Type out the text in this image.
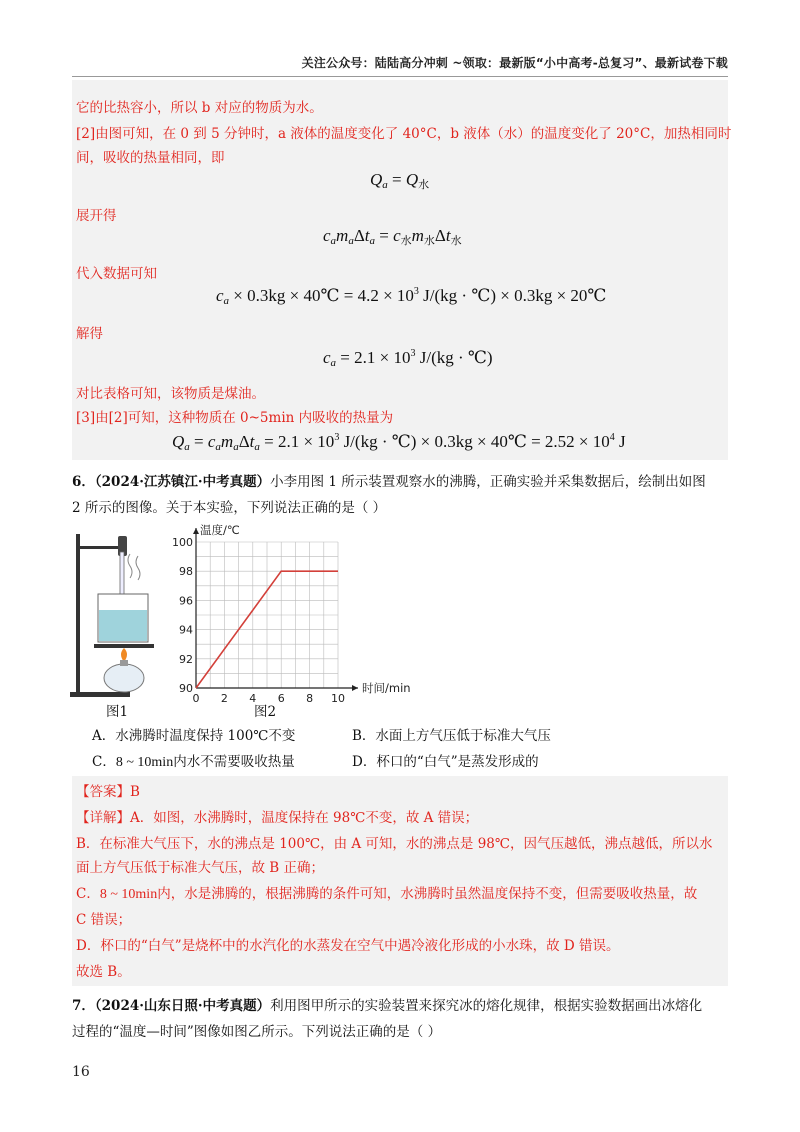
关注公众号：陆陆高分冲刺 ~领取：最新版“小中高考-总复习”、最新试卷下载
它的比热容小，所以 b 对应的物质为水。
[2]由图可知，在 0 到 5 分钟时，a 液体的温度变化了 40°C，b 液体（水）的温度变化了 20°C，加热相同时
间，吸收的热量相同，即
$Q_a = Q_水$
展开得
$c_am_a\Delta t_a = c_水m_水\Delta t_水$
代入数据可知
$c_a \times 0.3kg$ × 40℃ = $4.2 \times 10^3$ J/(kg · ℃) × 0.3kg × 20℃
解得
$c_a = 2.1 \times 10^3$ J/(kg · ℃)
对比表格可知，该物质是煤油。
[3]由[2]可知，这种物质在 0~5min 内吸收的热量为
$Q_a = c_am_a\Delta t_a = 2.1 \times 10^3$ J/(kg · ℃) × 0.3kg × 40℃ = $2.52 \times 10^4$ J
6．（2024·江苏镇江·中考真题）小李用图 1 所示装置观察水的沸腾，正确实验并采集数据后，绘制出如图
2 所示的图像。关于本实验，下列说法正确的是（ ）
0 2 4 6 8 10
90
92
94
96
98
100
温度/℃
时间/min
图1	图2
A．水沸腾时温度保持 100℃不变	B．水面上方气压低于标准大气压
C．8 ~ 10min内水不需要吸收热量	D．杯口的“白气”是蒸发形成的
【答案】B
【详解】A．如图，水沸腾时，温度保持在 98℃不变，故 A 错误；
B．在标准大气压下，水的沸点是 100℃，由 A 可知，水的沸点是 98℃，因气压越低，沸点越低，所以水
面上方气压低于标准大气压，故 B 正确；
C．8 ~ 10min内，水是沸腾的，根据沸腾的条件可知，水沸腾时虽然温度保持不变，但需要吸收热量，故
C 错误；
D．杯口的“白气”是烧杯中的水汽化的水蒸发在空气中遇冷液化形成的小水珠，故 D 错误。
故选 B。
7．（2024·山东日照·中考真题）利用图甲所示的实验装置来探究冰的熔化规律，根据实验数据画出冰熔化
过程的“温度—时间”图像如图乙所示。下列说法正确的是（ ）
16
